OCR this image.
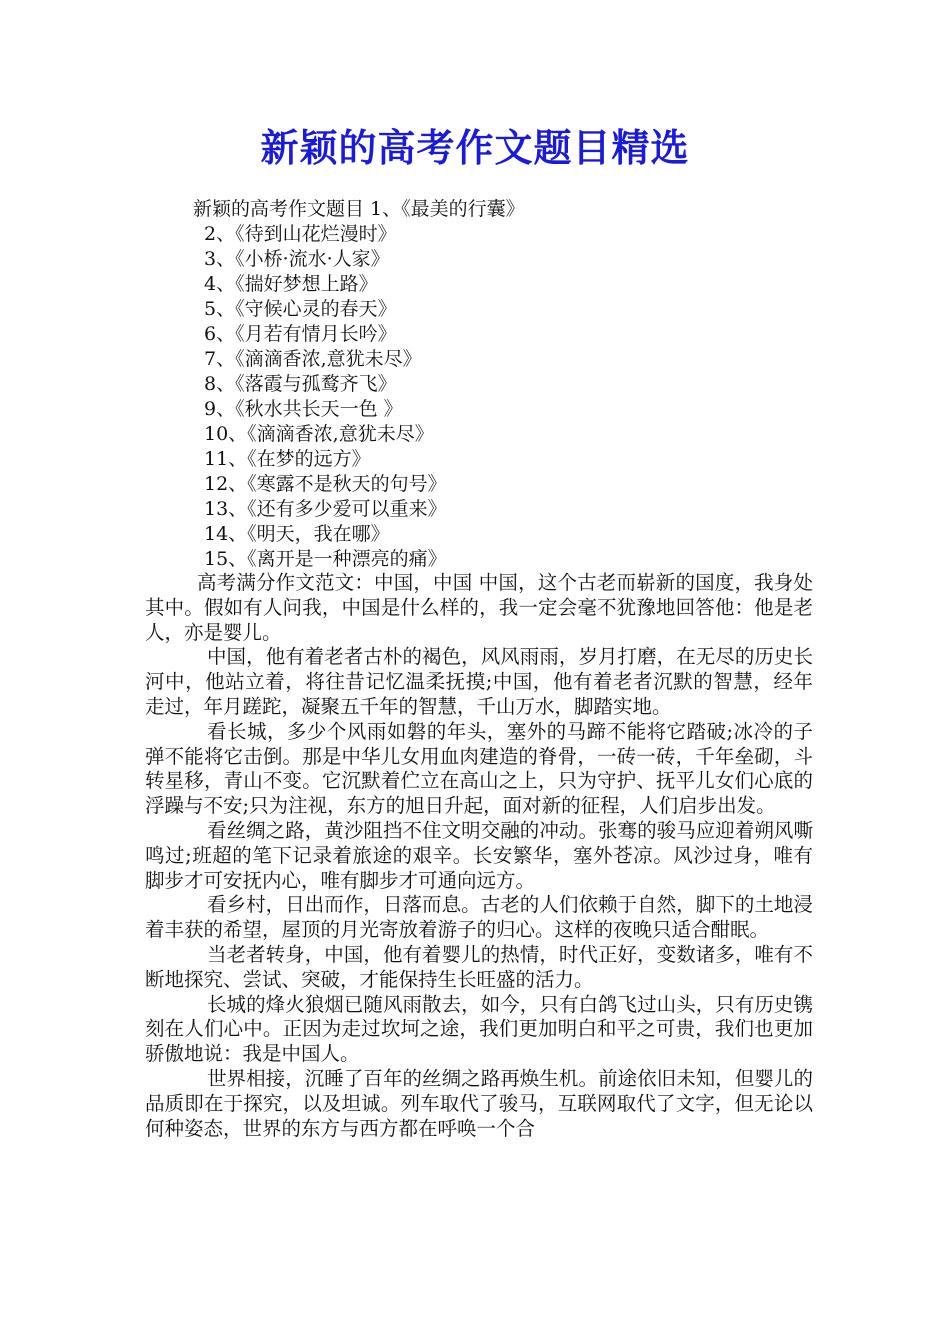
新颖的高考作文题目精选
新颖的高考作文题目 1、《最美的行囊》
2、《待到山花烂漫时》
3、《小桥·流水·人家》
4、《揣好梦想上路》
5、《守候心灵的春天》
6、《月若有情月长吟》
7、《滴滴香浓,意犹未尽》
8、《落霞与孤鹜齐飞》
9、《秋水共长天一色 》
10、《滴滴香浓,意犹未尽》
11、《在梦的远方》
12、《寒露不是秋天的句号》
13、《还有多少爱可以重来》
14、《明天，我在哪》
15、《离开是一种漂亮的痛》

高考满分作文范文：中国，中国 中国，这个古老而崭新的国度，我身处其中。假如有人问我，中国是什么样的，我一定会毫不犹豫地回答他：他是老人，亦是婴儿。

中国，他有着老者古朴的褐色，风风雨雨，岁月打磨，在无尽的历史长河中，他站立着，将往昔记忆温柔抚摸;中国，他有着老者沉默的智慧，经年走过，年月蹉跎，凝聚五千年的智慧，千山万水，脚踏实地。

看长城，多少个风雨如磐的年头，塞外的马蹄不能将它踏破;冰冷的子弹不能将它击倒。那是中华儿女用血肉建造的脊骨，一砖一砖，千年垒砌，斗转星移，青山不变。它沉默着伫立在高山之上，只为守护、抚平儿女们心底的浮躁与不安;只为注视，东方的旭日升起，面对新的征程，人们启步出发。

看丝绸之路，黄沙阻挡不住文明交融的冲动。张骞的骏马应迎着朔风嘶鸣过;班超的笔下记录着旅途的艰辛。长安繁华，塞外苍凉。风沙过身，唯有脚步才可安抚内心，唯有脚步才可通向远方。

看乡村，日出而作，日落而息。古老的人们依赖于自然，脚下的土地浸着丰获的希望，屋顶的月光寄放着游子的归心。这样的夜晚只适合酣眠。

当老者转身，中国，他有着婴儿的热情，时代正好，变数诸多，唯有不断地探究、尝试、突破，才能保持生长旺盛的活力。

长城的烽火狼烟已随风雨散去，如今，只有白鸽飞过山头，只有历史镌刻在人们心中。正因为走过坎坷之途，我们更加明白和平之可贵，我们也更加骄傲地说：我是中国人。

世界相接，沉睡了百年的丝绸之路再焕生机。前途依旧未知，但婴儿的品质即在于探究，以及坦诚。列车取代了骏马，互联网取代了文字，但无论以何种姿态，世界的东方与西方都在呼唤一个合
